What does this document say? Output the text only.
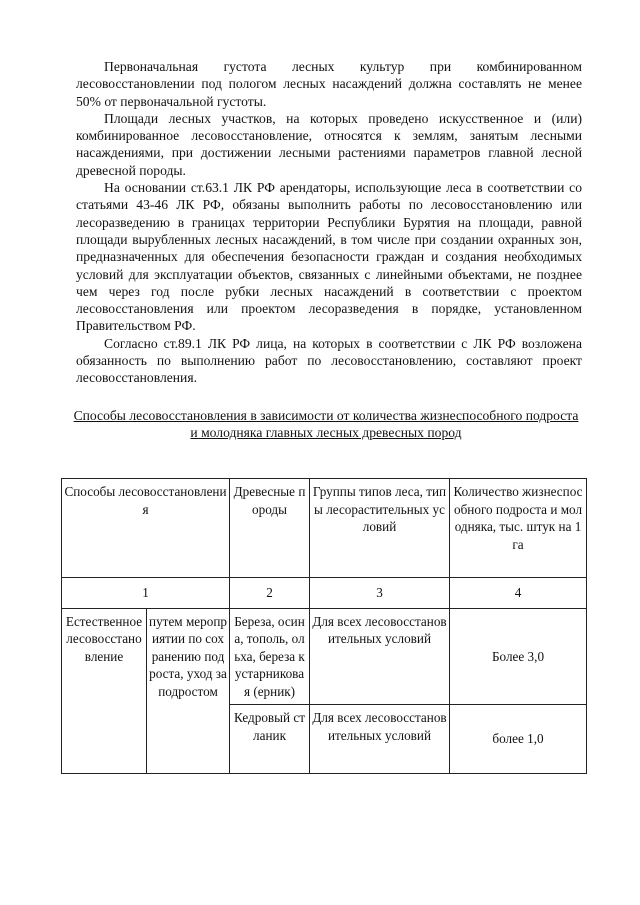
Первоначальная густота лесных культур при комбинированном лесовосстановлении под пологом лесных насаждений должна составлять не менее 50% от первоначальной густоты.

Площади лесных участков, на которых проведено искусственное и (или) комбинированное лесовосстановление, относятся к землям, занятым лесными насаждениями, при достижении лесными растениями параметров главной лесной древесной породы.

На основании ст.63.1 ЛК РФ арендаторы, использующие леса в соответствии со статьями 43-46 ЛК РФ, обязаны выполнить работы по лесовосстановлению или лесоразведению в границах территории Республики Бурятия на площади, равной площади вырубленных лесных насаждений, в том числе при создании охранных зон, предназначенных для обеспечения безопасности граждан и создания необходимых условий для эксплуатации объектов, связанных с линейными объектами, не позднее чем через год после рубки лесных насаждений в соответствии с проектом лесовосстановления или проектом лесоразведения в порядке, установленном Правительством РФ.

Согласно ст.89.1 ЛК РФ лица, на которых в соответствии с ЛК РФ возложена обязанность по выполнению работ по лесовосстановлению, составляют проект лесовосстановления.

Способы лесовосстановления в зависимости от количества жизнеспособного подроста и молодняка главных лесных древесных пород
Способы лесовосстановления		Древесные породы	Группы типов леса, типы лесорастительных условий	Количество жизнеспособного подроста и молодняка, тыс. штук на 1 га
1		2	3	4
Естественное лесовосстановление	путем мероприятии по сохранению подроста, уход за подростом	Береза, осина, тополь, ольха, береза кустарниковая (ерник)	Для всех лесовосстановительных условий	Более 3,0
		Кедровый стланик	Для всех лесовосстановительных условий	более 1,0
